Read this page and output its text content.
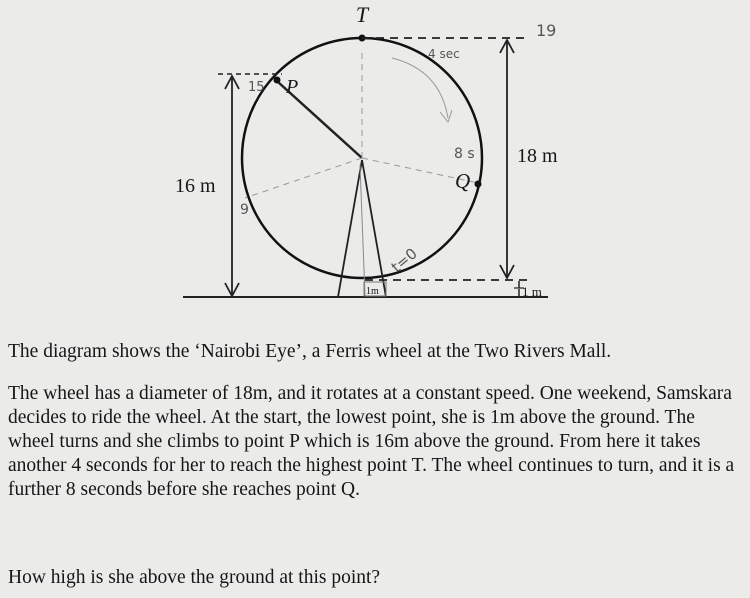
T
P
Q
16 m
18 m
1 m
1m
19
4 sec
15
8 s
9
t=0

The diagram shows the ‘Nairobi Eye’, a Ferris wheel at the Two Rivers Mall.

The wheel has a diameter of 18m, and it rotates at a constant speed. One weekend, Samskara decides to ride the wheel. At the start, the lowest point, she is 1m above the ground. The wheel turns and she climbs to point P which is 16m above the ground. From here it takes another 4 seconds for her to reach the highest point T. The wheel continues to turn, and it is a further 8 seconds before she reaches point Q.

How high is she above the ground at this point?
